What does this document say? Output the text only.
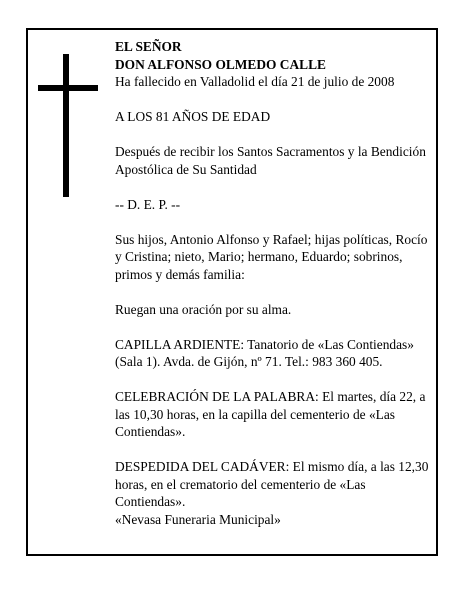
EL SEÑOR

DON ALFONSO OLMEDO CALLE

Ha fallecido en Valladolid el día 21 de julio de 2008

A LOS 81 AÑOS DE EDAD

Después de recibir los Santos Sacramentos y la Bendición Apostólica de Su Santidad

-- D. E. P. --

Sus hijos, Antonio Alfonso y Rafael; hijas políticas, Rocío y Cristina; nieto, Mario; hermano, Eduardo; sobrinos, primos y demás familia:

Ruegan una oración por su alma.

CAPILLA ARDIENTE: Tanatorio de «Las Contiendas» (Sala 1). Avda. de Gijón, nº 71. Tel.: 983 360 405.

CELEBRACIÓN DE LA PALABRA: El martes, día 22, a las 10,30 horas, en la capilla del cementerio de «Las Contiendas».

DESPEDIDA DEL CADÁVER: El mismo día, a las 12,30 horas, en el crematorio del cementerio de «Las Contiendas».

«Nevasa Funeraria Municipal»
